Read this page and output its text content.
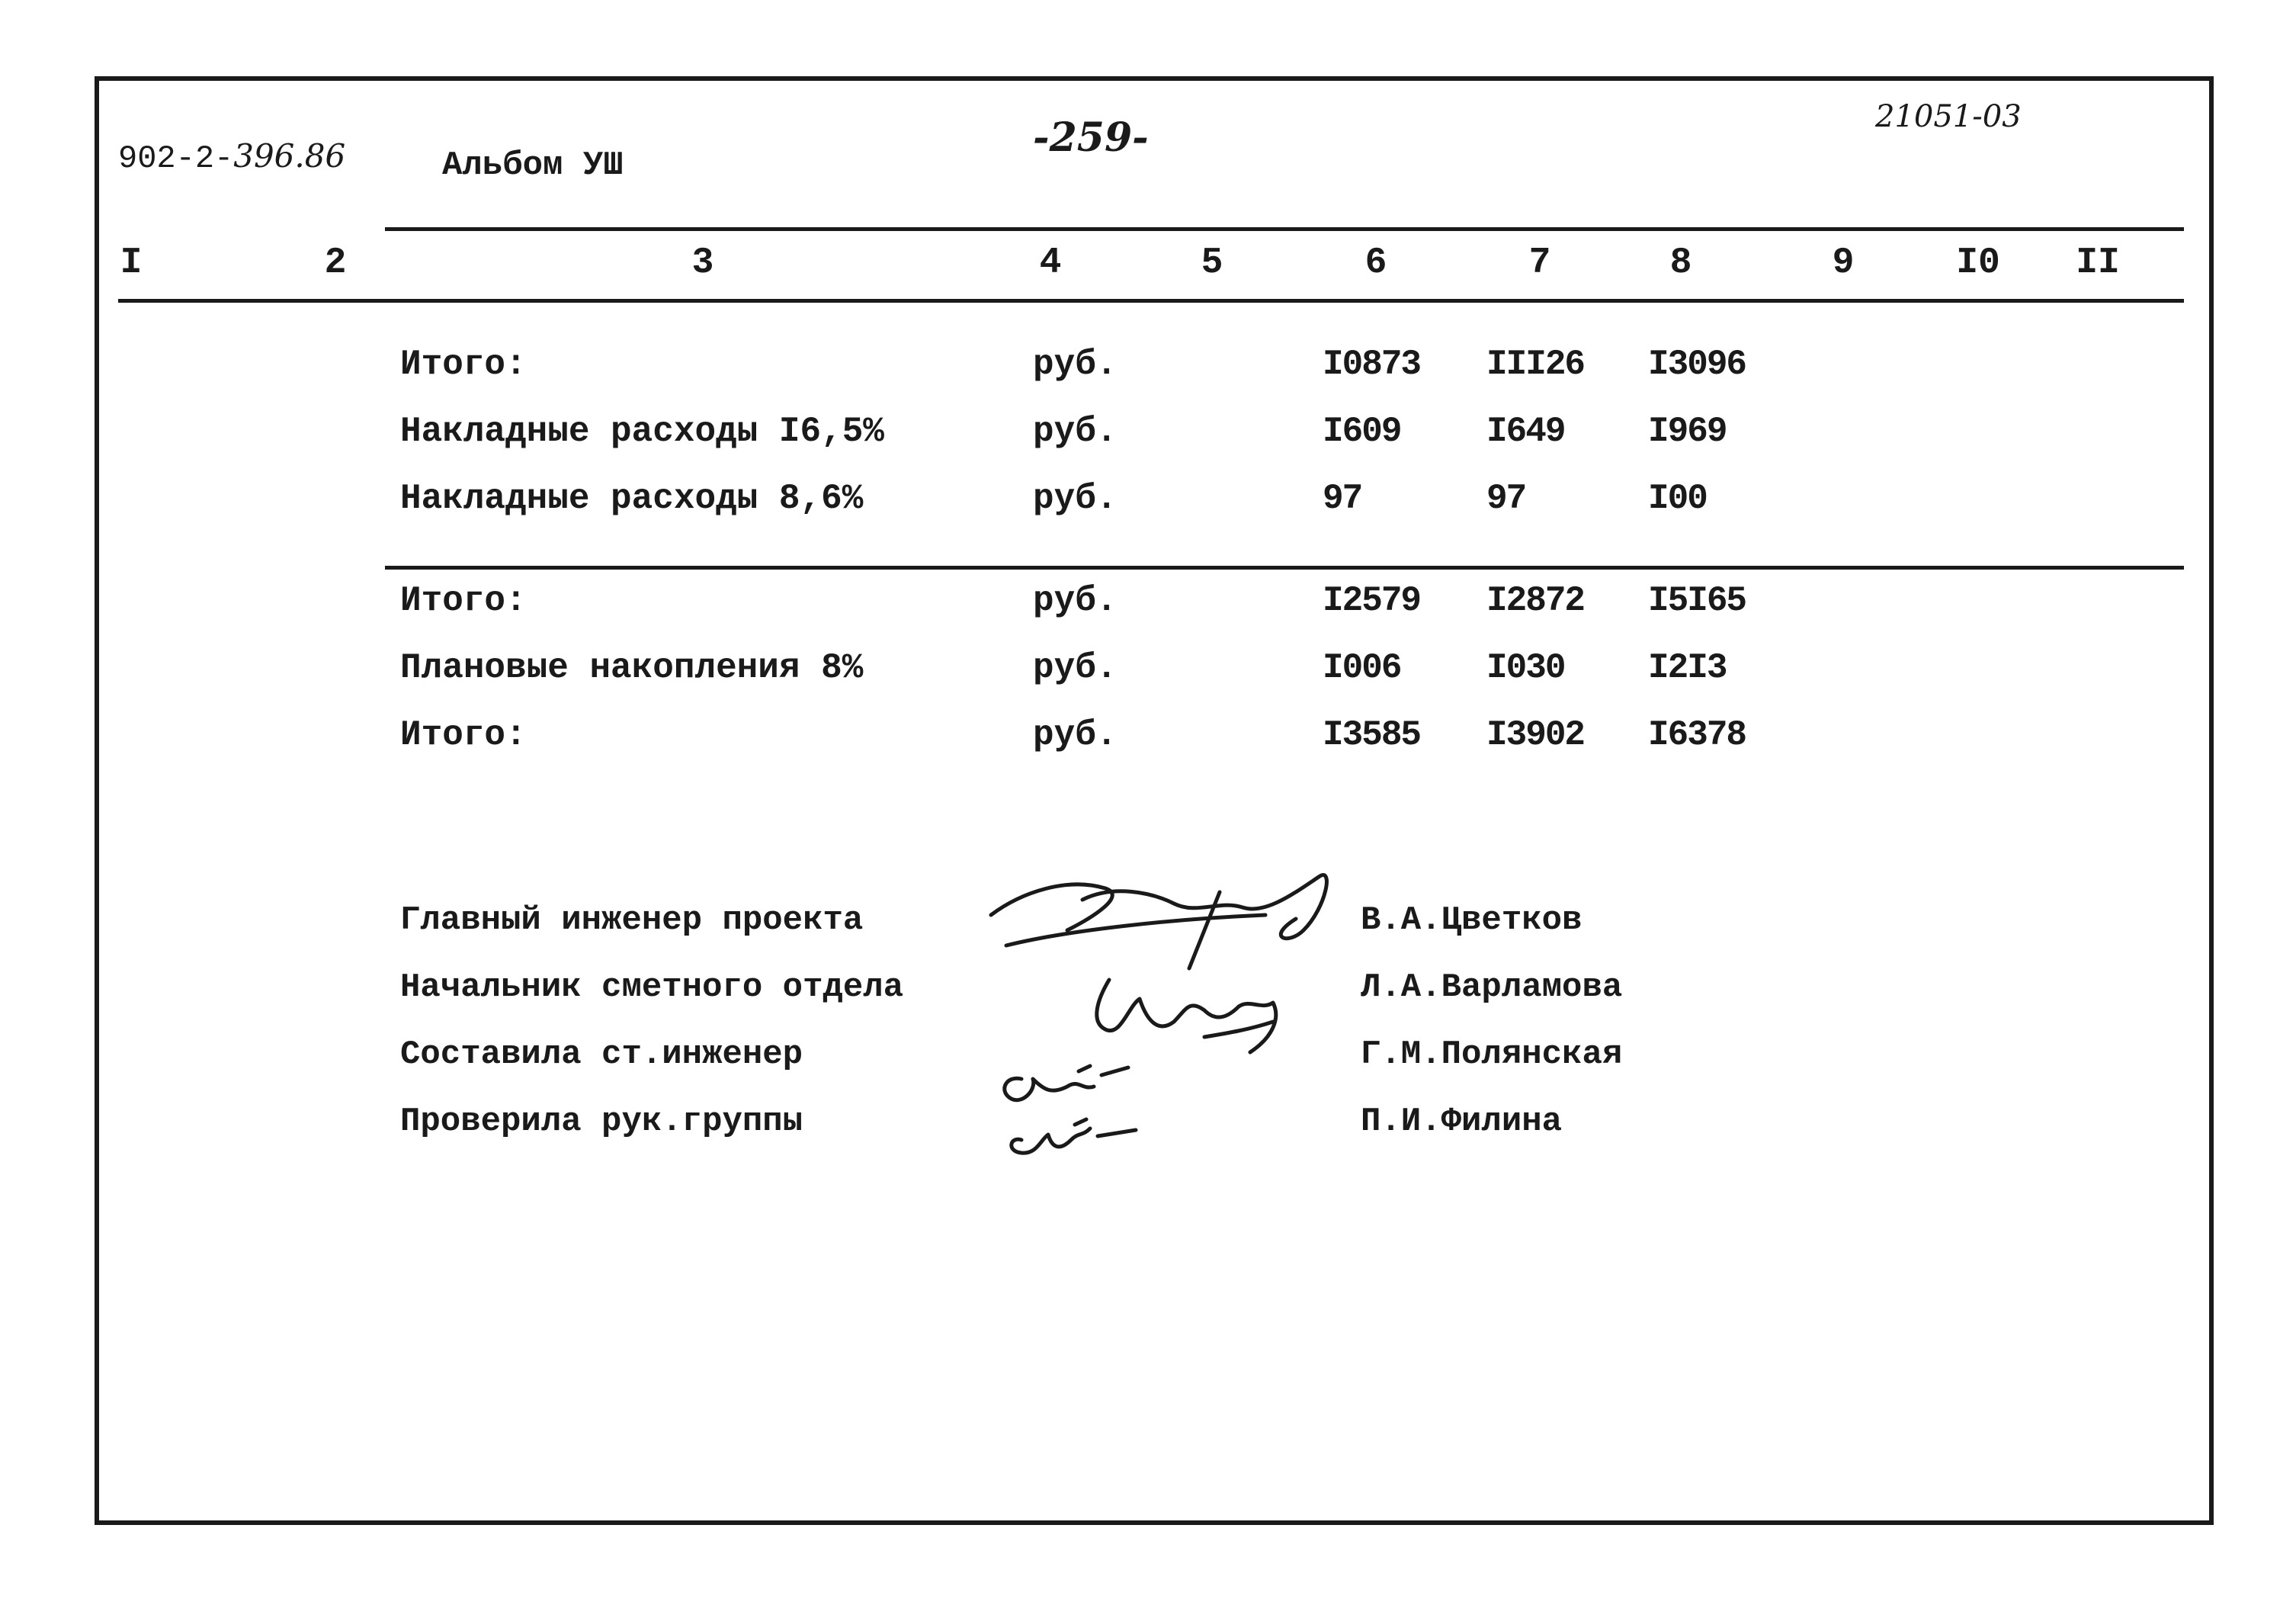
902-2-396.86	Альбом УШ
-259-	21051-03
I	2	3	4	5	6	7	8	9	I0 II
Итого:	руб.	I0873 III26 I3096
Накладные расходы I6,5%	руб.	I609 I649 I969
Накладные расходы 8,6%	руб.	97	97	I00
Итого:	руб.	I2579 I2872 I5I65
Плановые накопления 8%	руб.	I006 I030 I2I3
Итого:	руб.	I3585 I3902 I6378
Главный инженер проекта	В.А.Цветков
Начальник сметного отдела	Л.А.Варламова
Составила ст.инженер	Г.М.Полянская
Проверила рук.группы	П.И.Филина
